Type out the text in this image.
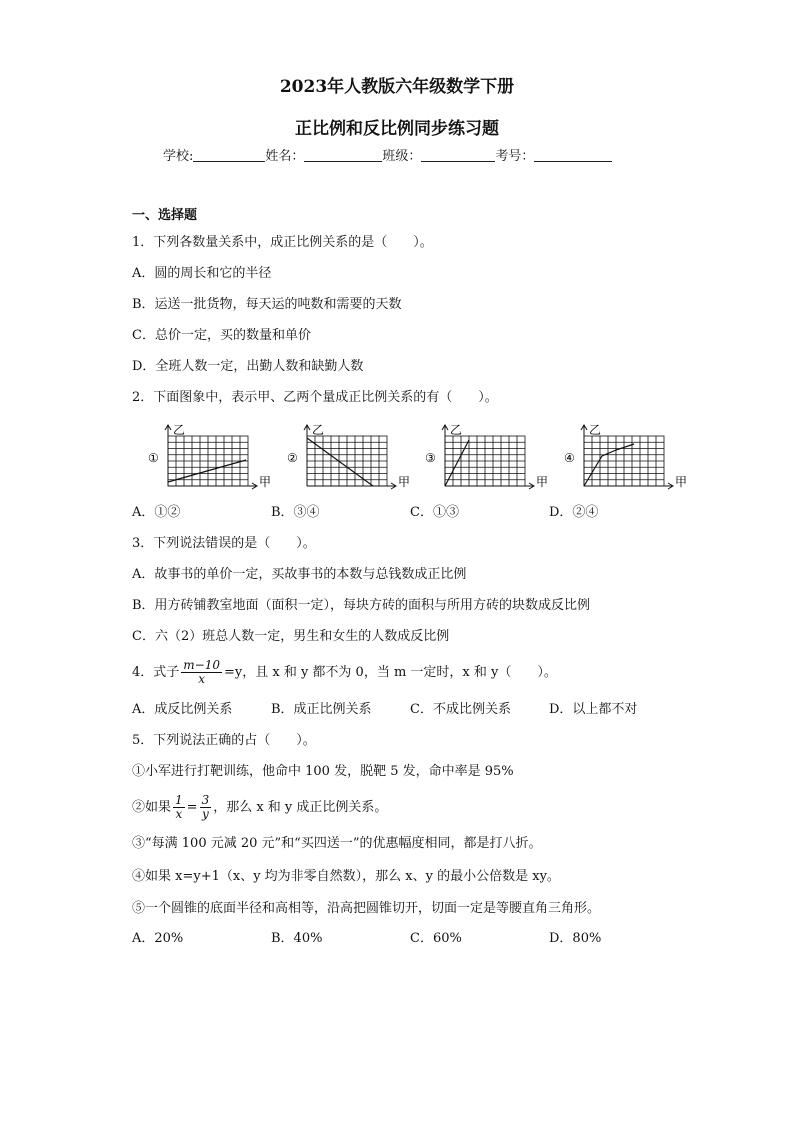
2023年人教版六年级数学下册
正比例和反比例同步练习题
学校:	姓名：	班级：	考号：
一、选择题
1．下列各数量关系中，成正比例关系的是（　　）。
A．圆的周长和它的半径
B．运送一批货物，每天运的吨数和需要的天数
C．总价一定，买的数量和单价
D．全班人数一定，出勤人数和缺勤人数
2．下面图象中，表示甲、乙两个量成正比例关系的有（　　）。
①
乙
甲
②
乙
甲
③
乙
甲
④
乙
甲
A．①②	B．③④	C．①③	D．②④
3．下列说法错误的是（　　）。
A．故事书的单价一定，买故事书的本数与总钱数成正比例
B．用方砖铺教室地面（面积一定），每块方砖的面积与所用方砖的块数成反比例
C．六（2）班总人数一定，男生和女生的人数成反比例
4．式子 $\frac{m-10}{x} =y$，且 x 和 y 都不为 0，当 m 一定时，x 和 y（　　）。
A．成反比例关系	B．成正比例关系	C．不成比例关系	D．以上都不对
5．下列说法正确的占（　　）。
①小军进行打靶训练，他命中 100 发，脱靶 5 发，命中率是 95%
②如果 $\frac{1}{x} = \frac{3}{y}$ ，那么 x 和 y 成正比例关系。
③“每满 100 元减 20 元”和“买四送一”的优惠幅度相同，都是打八折。
④如果 x=y+1（x、y 均为非零自然数），那么 x、y 的最小公倍数是 xy。
⑤一个圆锥的底面半径和高相等，沿高把圆锥切开，切面一定是等腰直角三角形。
A．20%	B．40%	C．60%	D．80%
